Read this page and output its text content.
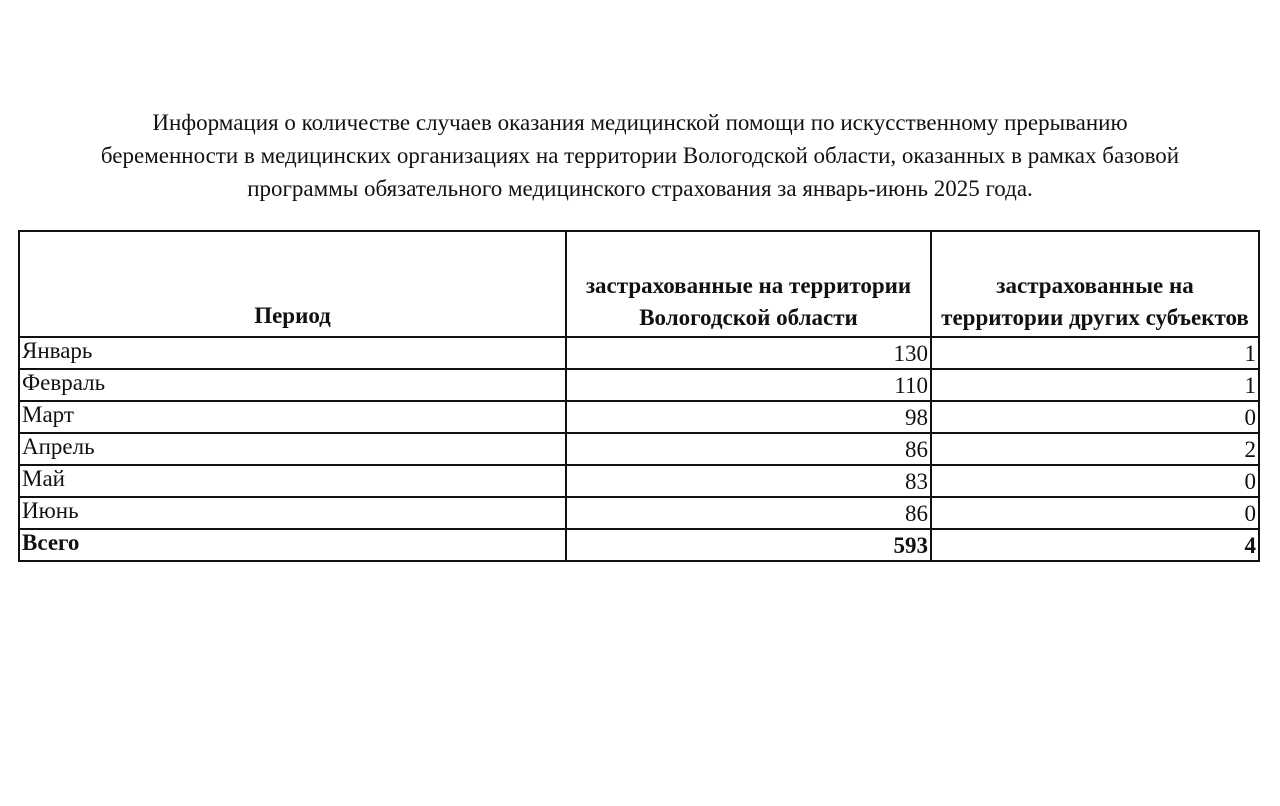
Информация о количестве случаев оказания медицинской помощи по искусственному прерыванию
беременности в медицинских организациях на территории Вологодской области, оказанных в рамках базовой
программы обязательного медицинского страхования за январь-июнь 2025 года.
Период	застрахованные на территории Вологодской области	застрахованные на территории других субъектов
Январь	130	1
Февраль	110	1
Март	98	0
Апрель	86	2
Май	83	0
Июнь	86	0
Всего	593	4
